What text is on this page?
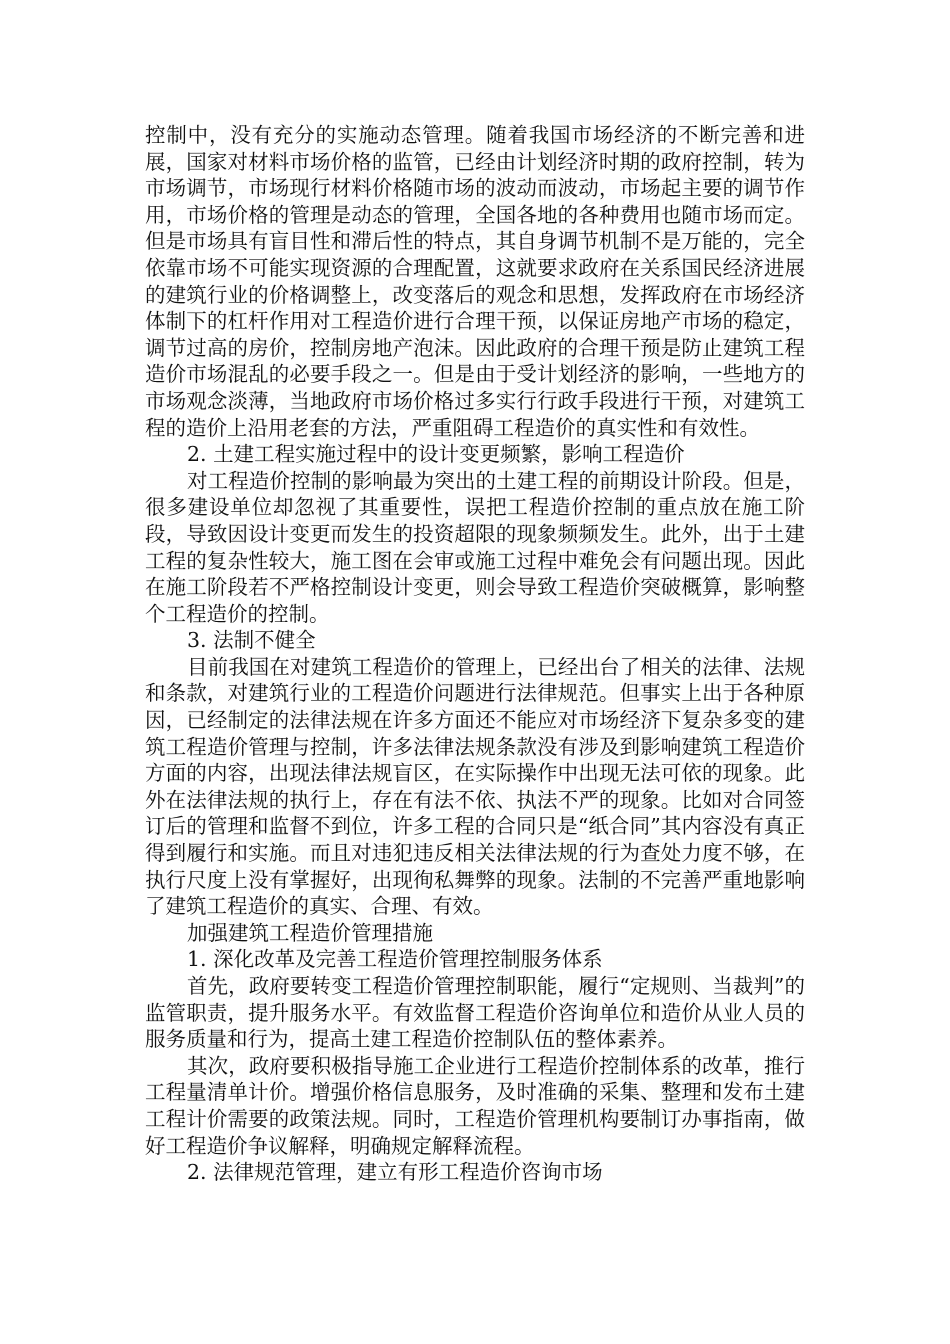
控制中，没有充分的实施动态管理。随着我国市场经济的不断完善和进展，国家对材料市场价格的监管，已经由计划经济时期的政府控制，转为市场调节，市场现行材料价格随市场的波动而波动，市场起主要的调节作用，市场价格的管理是动态的管理，全国各地的各种费用也随市场而定。但是市场具有盲目性和滞后性的特点，其自身调节机制不是万能的，完全依靠市场不可能实现资源的合理配置，这就要求政府在关系国民经济进展的建筑行业的价格调整上，改变落后的观念和思想，发挥政府在市场经济体制下的杠杆作用对工程造价进行合理干预，以保证房地产市场的稳定，调节过高的房价，控制房地产泡沫。因此政府的合理干预是防止建筑工程造价市场混乱的必要手段之一。但是由于受计划经济的影响，一些地方的市场观念淡薄，当地政府市场价格过多实行行政手段进行干预，对建筑工程的造价上沿用老套的方法，严重阻碍工程造价的真实性和有效性。

2. 土建工程实施过程中的设计变更频繁，影响工程造价

对工程造价控制的影响最为突出的土建工程的前期设计阶段。但是，很多建设单位却忽视了其重要性，误把工程造价控制的重点放在施工阶段，导致因设计变更而发生的投资超限的现象频频发生。此外，出于土建工程的复杂性较大，施工图在会审或施工过程中难免会有问题出现。因此在施工阶段若不严格控制设计变更，则会导致工程造价突破概算，影响整个工程造价的控制。

3. 法制不健全

目前我国在对建筑工程造价的管理上，已经出台了相关的法律、法规和条款，对建筑行业的工程造价问题进行法律规范。但事实上出于各种原因，已经制定的法律法规在许多方面还不能应对市场经济下复杂多变的建筑工程造价管理与控制，许多法律法规条款没有涉及到影响建筑工程造价方面的内容，出现法律法规盲区，在实际操作中出现无法可依的现象。此外在法律法规的执行上，存在有法不依、执法不严的现象。比如对合同签订后的管理和监督不到位，许多工程的合同只是“纸合同”其内容没有真正得到履行和实施。而且对违犯违反相关法律法规的行为查处力度不够，在执行尺度上没有掌握好，出现徇私舞弊的现象。法制的不完善严重地影响了建筑工程造价的真实、合理、有效。

加强建筑工程造价管理措施

1. 深化改革及完善工程造价管理控制服务体系

首先，政府要转变工程造价管理控制职能，履行“定规则、当裁判”的监管职责，提升服务水平。有效监督工程造价咨询单位和造价从业人员的服务质量和行为，提高土建工程造价控制队伍的整体素养。

其次，政府要积极指导施工企业进行工程造价控制体系的改革，推行工程量清单计价。增强价格信息服务，及时准确的采集、整理和发布土建工程计价需要的政策法规。同时，工程造价管理机构要制订办事指南，做好工程造价争议解释，明确规定解释流程。

2. 法律规范管理，建立有形工程造价咨询市场
